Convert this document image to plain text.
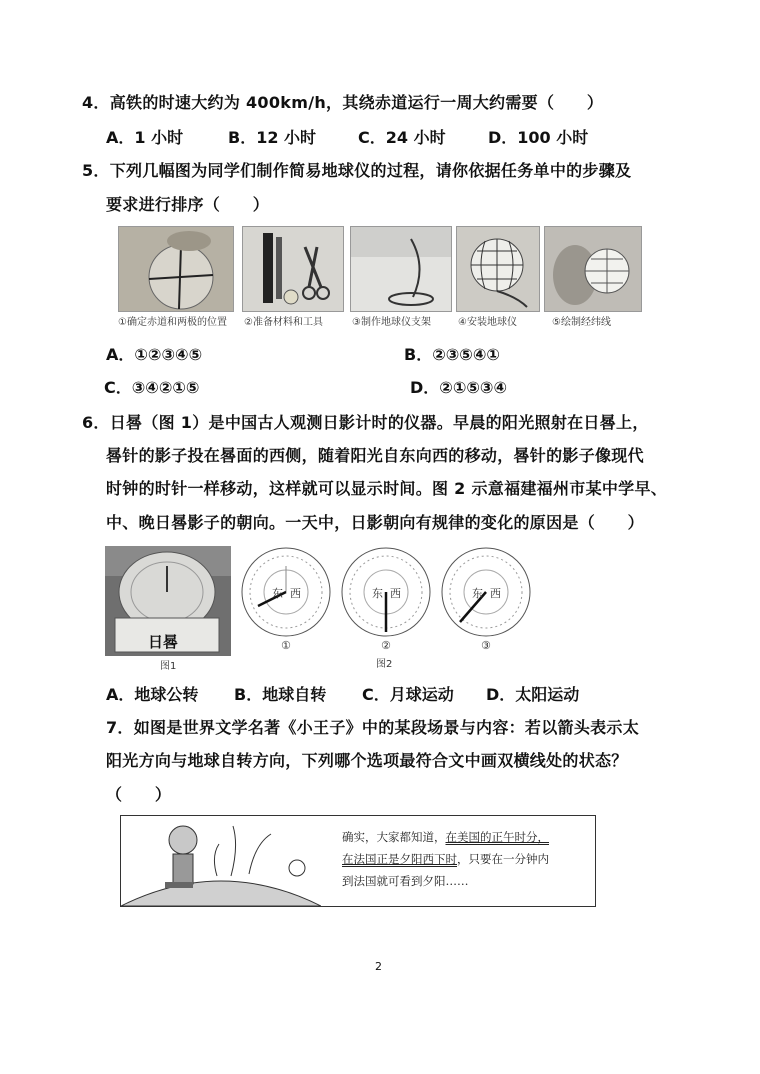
4．高铁的时速大约为 400km/h，其绕赤道运行一周大约需要（　　）
A．1 小时	B．12 小时	C．24 小时	D．100 小时
5．下列几幅图为同学们制作简易地球仪的过程，请你依据任务单中的步骤及
要求进行排序（　　）
①确定赤道和两极的位置 ②准备材料和工具	③制作地球仪支架	④安装地球仪	⑤绘制经纬线
A．①②③④⑤	B．②③⑤④①
C．③④②①⑤	D．②①⑤③④
6．日晷（图 1）是中国古人观测日影计时的仪器。早晨的阳光照射在日晷上，
晷针的影子投在晷面的西侧，随着阳光自东向西的移动，晷针的影子像现代
时钟的时针一样移动，这样就可以显示时间。图 2 示意福建福州市某中学早、
中、晚日晷影子的朝向。一天中，日影朝向有规律的变化的原因是（　　）
日晷
图1
东 西	东 西	东 西
①	②	③
图2
A．地球公转 B．地球自转 C．月球运动 D．太阳运动
7．如图是世界文学名著《小王子》中的某段场景与内容：若以箭头表示太
阳光方向与地球自转方向，下列哪个选项最符合文中画双横线处的状态？
（　　）
确实，大家都知道，在美国的正午时分，
在法国正是夕阳西下时，只要在一分钟内
到法国就可看到夕阳……
2
